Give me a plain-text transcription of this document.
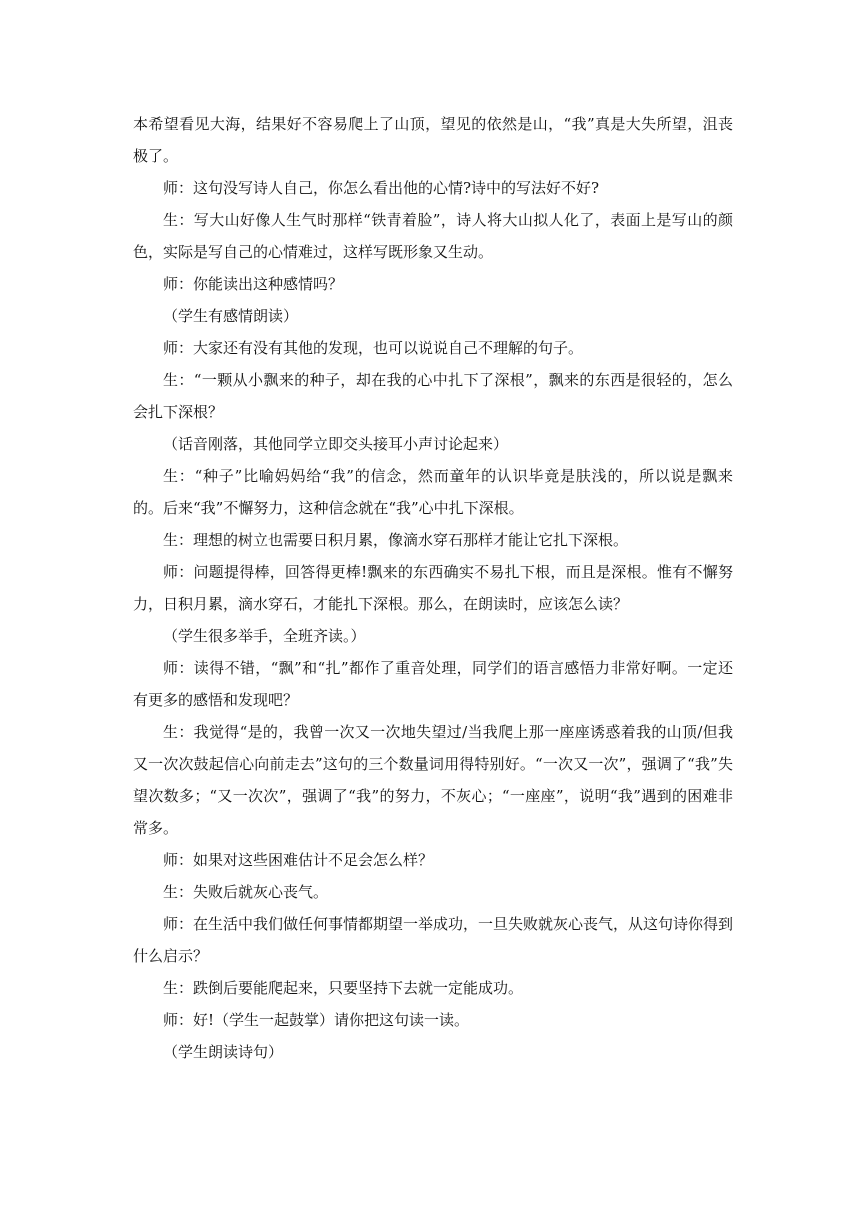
本希望看见大海，结果好不容易爬上了山顶，望见的依然是山，“我”真是大失所望，沮丧极了。

师：这句没写诗人自己，你怎么看出他的心情?诗中的写法好不好?

生：写大山好像人生气时那样“铁青着脸”，诗人将大山拟人化了，表面上是写山的颜色，实际是写自己的心情难过，这样写既形象又生动。

师：你能读出这种感情吗？

（学生有感情朗读）

师：大家还有没有其他的发现，也可以说说自己不理解的句子。

生：“一颗从小飘来的种子，却在我的心中扎下了深根”，飘来的东西是很轻的，怎么会扎下深根？

（话音刚落，其他同学立即交头接耳小声讨论起来）

生：“种子”比喻妈妈给“我”的信念，然而童年的认识毕竟是肤浅的，所以说是飘来的。后来“我”不懈努力，这种信念就在“我”心中扎下深根。

生：理想的树立也需要日积月累，像滴水穿石那样才能让它扎下深根。

师：问题提得棒，回答得更棒!飘来的东西确实不易扎下根，而且是深根。惟有不懈努力，日积月累，滴水穿石，才能扎下深根。那么，在朗读时，应该怎么读？

（学生很多举手，全班齐读。）

师：读得不错，“飘”和“扎”都作了重音处理，同学们的语言感悟力非常好啊。一定还有更多的感悟和发现吧？

生：我觉得“是的，我曾一次又一次地失望过/当我爬上那一座座诱惑着我的山顶/但我又一次次鼓起信心向前走去”这句的三个数量词用得特别好。“一次又一次”，强调了“我”失望次数多；“又一次次”，强调了“我”的努力，不灰心；“一座座”，说明“我”遇到的困难非常多。

师：如果对这些困难估计不足会怎么样？

生：失败后就灰心丧气。

师：在生活中我们做任何事情都期望一举成功，一旦失败就灰心丧气，从这句诗你得到什么启示？

生：跌倒后要能爬起来，只要坚持下去就一定能成功。

师：好!（学生一起鼓掌）请你把这句读一读。

（学生朗读诗句）
